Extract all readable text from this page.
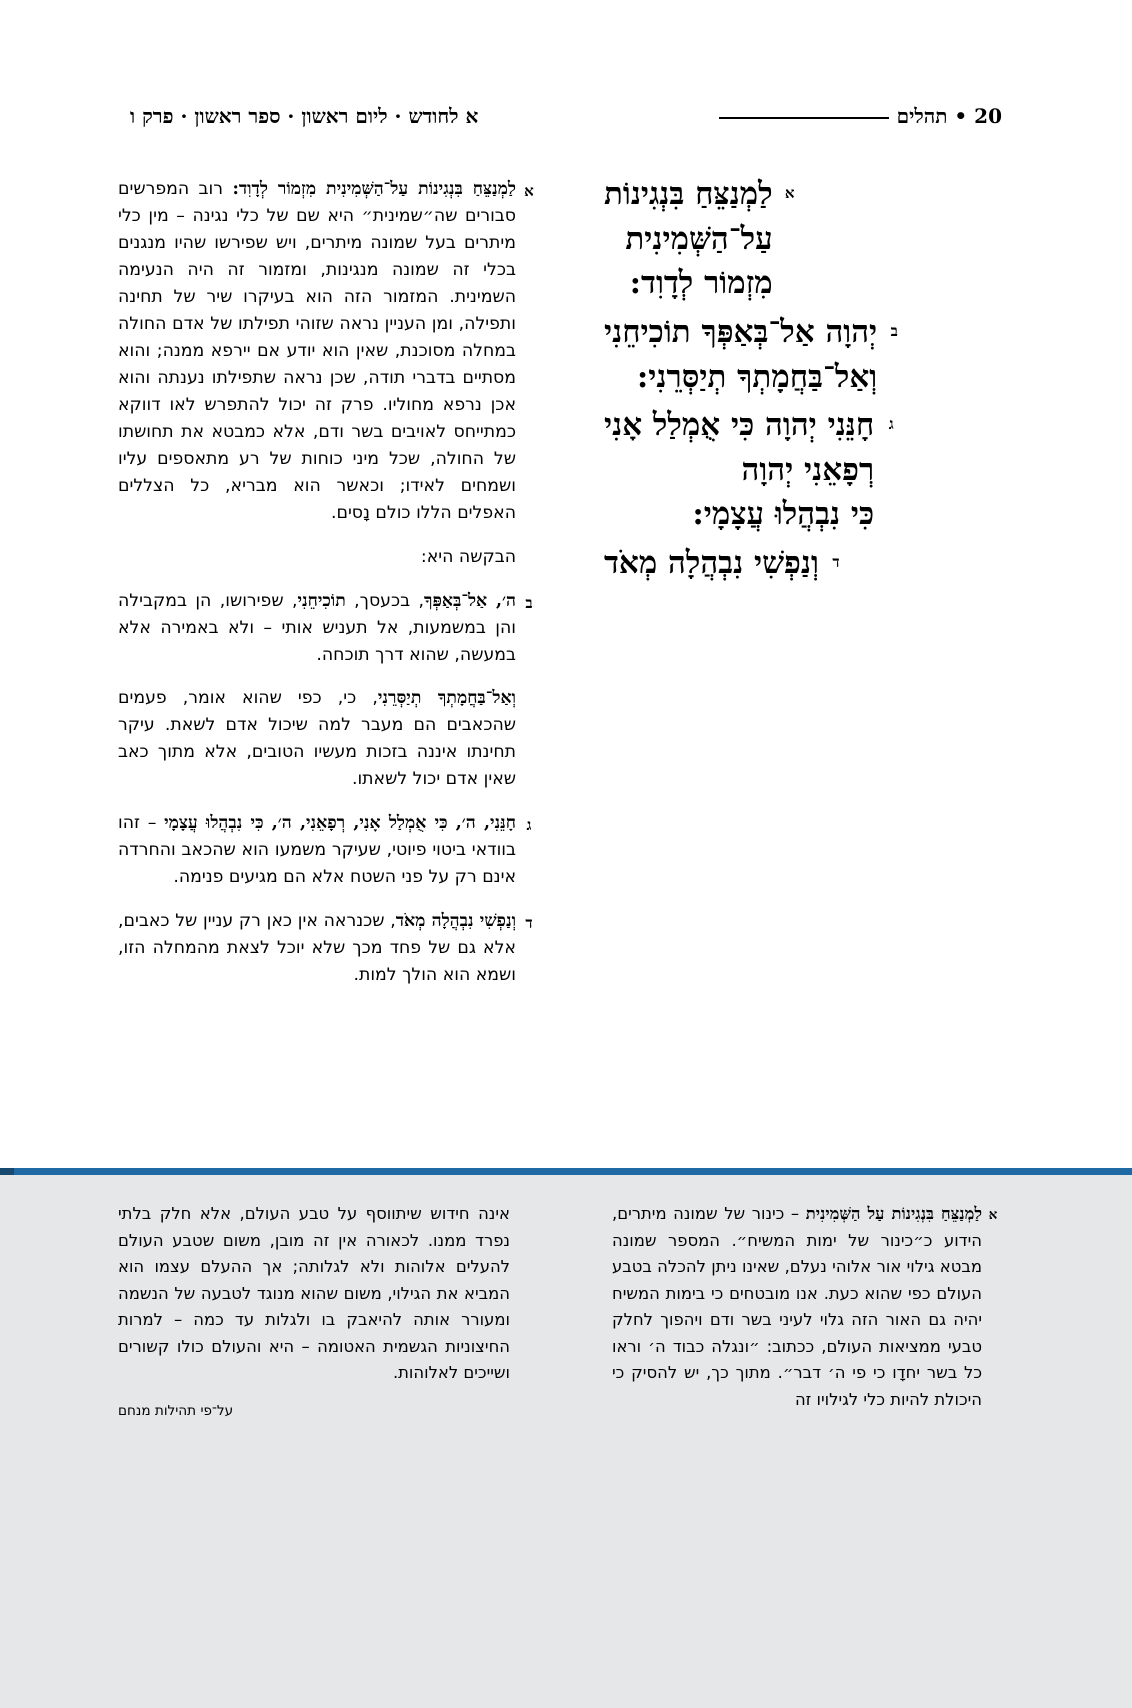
20 • תהלים
א לחודש · ליום ראשון · ספר ראשון · פרק ו
א
לַמְנַצֵּחַ בִּנְגִינוֹת
עַל־הַשְּׁמִינִית
מִזְמוֹר לְדָוִד:
ב
יְהוָה אַל־בְּאַפְּךָ תוֹכִיחֵנִי
וְאַל־בַּחֲמָתְךָ תְיַסְּרֵנִי:
ג
חָנֵּנִי יְהוָה כִּי אֻמְלַל אָנִי
רְפָאֵנִי יְהוָה
כִּי נִבְהֲלוּ עֲצָמָי:
ד
וְנַפְשִׁי נִבְהֲלָה מְאֹד
א
לַמְנַצֵּחַ בִּנְגִינוֹת עַל־הַשְּׁמִינִית מִזְמוֹר לְדָוִד: רוב המפרשים סבורים שה״שמינית״ היא שם של כלי נגינה – מין כלי מיתרים בעל שמונה מיתרים, ויש שפירשו שהיו מנגנים בכלי זה שמונה מנגינות, ומזמור זה היה הנעימה השמינית. המזמור הזה הוא בעיקרו שיר של תחינה ותפילה, ומן העניין נראה שזוהי תפילתו של אדם החולה במחלה מסוכנת, שאין הוא יודע אם יירפא ממנה; והוא מסתיים בדברי תודה, שכן נראה שתפילתו נענתה והוא אכן נרפא מחוליו. פרק זה יכול להתפרש לאו דווקא כמתייחס לאויבים בשר ודם, אלא כמבטא את תחושתו של החולה, שכל מיני כוחות של רע מתאספים עליו ושמחים לאידו; וכאשר הוא מבריא, כל הצללים האפלים הללו כולם נָסים.
הבקשה היא:
ב
ה׳, אַל־בְּאַפְּךָ, בכעסך, תוֹכִיחֵנִי, שפירושו, הן במקבילה והן במשמעות, אל תעניש אותי – ולא באמירה אלא במעשה, שהוא דרך תוכחה.
וְאַל־בַּחֲמָתְךָ תְיַסְּרֵנִי, כי, כפי שהוא אומר, פעמים שהכאבים הם מעבר למה שיכול אדם לשאת. עיקר תחינתו איננה בזכות מעשיו הטובים, אלא מתוך כאב שאין אדם יכול לשאתו.
ג
חָנֵּנִי, ה׳, כִּי אֻמְלַל אָנִי, רְפָאֵנִי, ה׳, כִּי נִבְהֲלוּ עֲצָמָי – זהו בוודאי ביטוי פיוטי, שעיקר משמעו הוא שהכאב והחרדה אינם רק על פני השטח אלא הם מגיעים פנימה.
ד
וְנַפְשִׁי נִבְהֲלָה מְאֹד, שכנראה אין כאן רק עניין של כאבים, אלא גם של פחד מכך שלא יוכל לצאת מהמחלה הזו, ושמא הוא הולך למות.
א
לַמְנַצֵּחַ בִּנְגִינוֹת עַל הַשְּׁמִינִית – כינור של שמונה מיתרים, הידוע כ״כינור של ימות המשיח״. המספר שמונה מבטא גילוי אור אלוהי נעלם, שאינו ניתן להכלה בטבע העולם כפי שהוא כעת. אנו מובטחים כי בימות המשיח יהיה גם האור הזה גלוי לעיני בשר ודם ויהפוך לחלק טבעי ממציאות העולם, ככתוב: ״ונגלה כבוד ה׳ וראו כל בשר יחדָו כי פי ה׳ דבר״. מתוך כך, יש להסיק כי היכולת להיות כלי לגילויו זה
אינה חידוש שיתווסף על טבע העולם, אלא חלק בלתי נפרד ממנו. לכאורה אין זה מובן, משום שטבע העולם להעלים אלוהות ולא לגלותה; אך ההעלם עצמו הוא המביא את הגילוי, משום שהוא מנוגד לטבעה של הנשמה ומעורר אותה להיאבק בו ולגלות עד כמה – למרות החיצוניות הגשמית האטומה – היא והעולם כולו קשורים ושייכים לאלוהות.
על־פי תהילות מנחם
